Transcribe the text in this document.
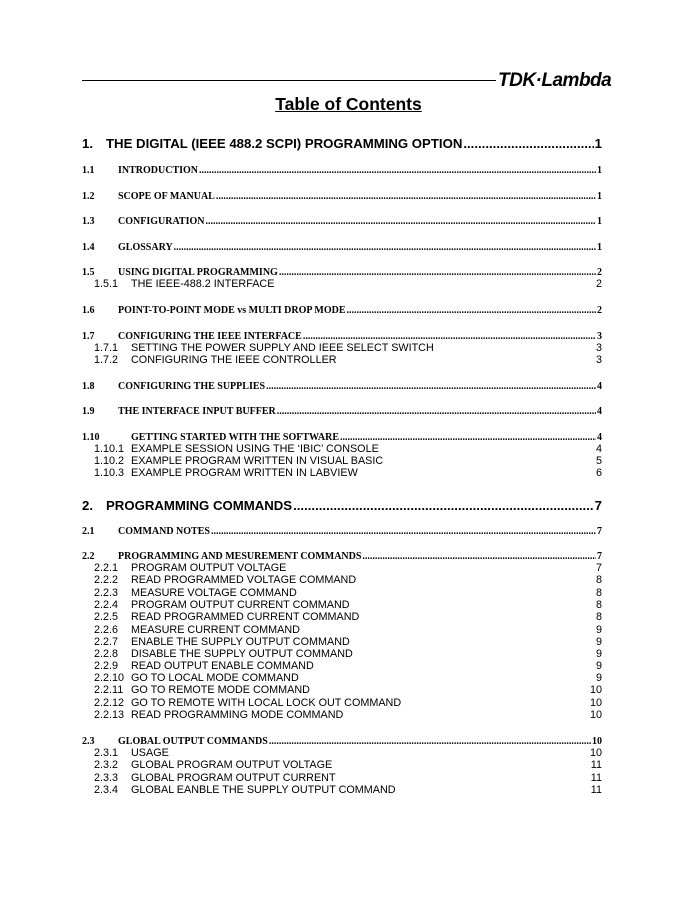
TDK·Lambda
Table of Contents
1. THE DIGITAL (IEEE 488.2 SCPI) PROGRAMMING OPTION .....	1
1.1	INTRODUCTION .....	1
1.2	SCOPE OF MANUAL .....	1
1.3	CONFIGURATION .....	1
1.4	GLOSSARY .....	1
1.5	USING DIGITAL PROGRAMMING .....	2
1.5.1	THE IEEE-488.2 INTERFACE	2
1.6	POINT-TO-POINT MODE vs MULTI DROP MODE .....	2
1.7	CONFIGURING THE IEEE INTERFACE .....	3
1.7.1	SETTING THE POWER SUPPLY AND IEEE SELECT SWITCH	3
1.7.2	CONFIGURING THE IEEE CONTROLLER	3
1.8	CONFIGURING THE SUPPLIES .....	4
1.9	THE INTERFACE INPUT BUFFER .....	4
1.10	GETTING STARTED WITH THE SOFTWARE .....	4
1.10.1 EXAMPLE SESSION USING THE ‘IBIC’ CONSOLE	4
1.10.2 EXAMPLE PROGRAM WRITTEN IN VISUAL BASIC	5
1.10.3 EXAMPLE PROGRAM WRITTEN IN LABVIEW	6
2. PROGRAMMING COMMANDS .....	7
2.1	COMMAND NOTES .....	7
2.2	PROGRAMMING AND MESUREMENT COMMANDS .....	7
2.2.1	PROGRAM OUTPUT VOLTAGE	7
2.2.2	READ PROGRAMMED VOLTAGE COMMAND	8
2.2.3	MEASURE VOLTAGE COMMAND	8
2.2.4	PROGRAM OUTPUT CURRENT COMMAND	8
2.2.5	READ PROGRAMMED CURRENT COMMAND	8
2.2.6	MEASURE CURRENT COMMAND	9
2.2.7	ENABLE THE SUPPLY OUTPUT COMMAND	9
2.2.8	DISABLE THE SUPPLY OUTPUT COMMAND	9
2.2.9	READ OUTPUT ENABLE COMMAND	9
2.2.10 GO TO LOCAL MODE COMMAND	9
2.2.11 GO TO REMOTE MODE COMMAND	10
2.2.12 GO TO REMOTE WITH LOCAL LOCK OUT COMMAND	10
2.2.13 READ PROGRAMMING MODE COMMAND	10
2.3	GLOBAL OUTPUT COMMANDS .....	10
2.3.1	USAGE	10
2.3.2	GLOBAL PROGRAM OUTPUT VOLTAGE	11
2.3.3	GLOBAL PROGRAM OUTPUT CURRENT	11
2.3.4	GLOBAL EANBLE THE SUPPLY OUTPUT COMMAND	11
